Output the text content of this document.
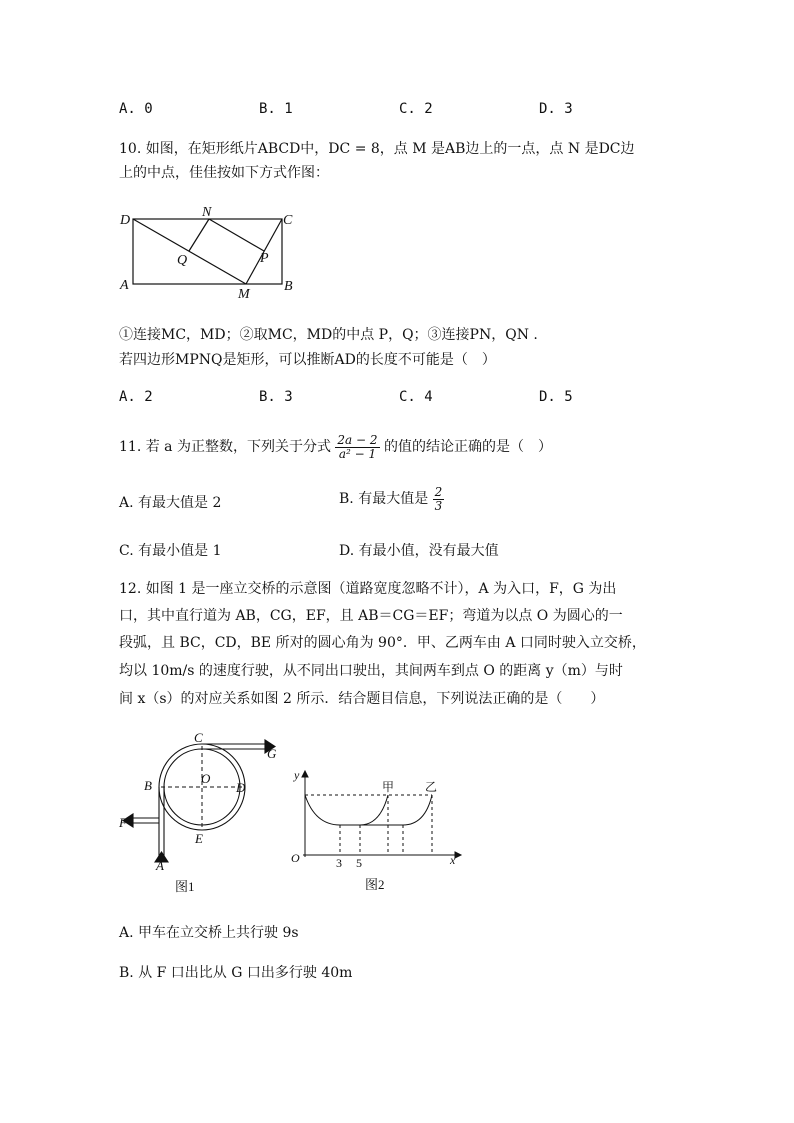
A. 0	B. 1	C. 2	D. 3
10. 如图，在矩形纸片ABCD中，DC = 8，点 M 是AB边上的一点，点 N 是DC边
上的中点，佳佳按如下方式作图：
D
N
C
Q	P
A
M
B
①连接MC，MD；②取MC，MD的中点 P，Q；③连接PN，QN .
若四边形MPNQ是矩形，可以推断AD的长度不可能是（　）
A. 2	B. 3	C. 4	D. 5
11. 若 a 为正整数，下列关于分式 $\frac{2a - 2}{\text{a² − 1}}$ 的值的结论正确的是（　）
A. 有最大值是 2	B. 有最大值是 $\frac{2}{3}$
C. 有最小值是 1	D. 有最小值，没有最大值
12. 如图 1 是一座立交桥的示意图（道路宽度忽略不计），A 为入口，F，G 为出
口，其中直行道为 AB，CG，EF，且 AB＝CG＝EF；弯道为以点 O 为圆心的一
段弧，且 BC，CD，BE 所对的圆心角为 90°．甲、乙两车由 A 口同时驶入立交桥，
均以 10m/s 的速度行驶，从不同出口驶出，其间两车到点 O 的距离 y（m）与时
间 x（s）的对应关系如图 2 所示．结合题目信息，下列说法正确的是（　　）
C
G
O
B	D
F
E
A
图1
y
甲	乙
O	3 5	x
图2
A. 甲车在立交桥上共行驶 9s
B. 从 F 口出比从 G 口出多行驶 40m
